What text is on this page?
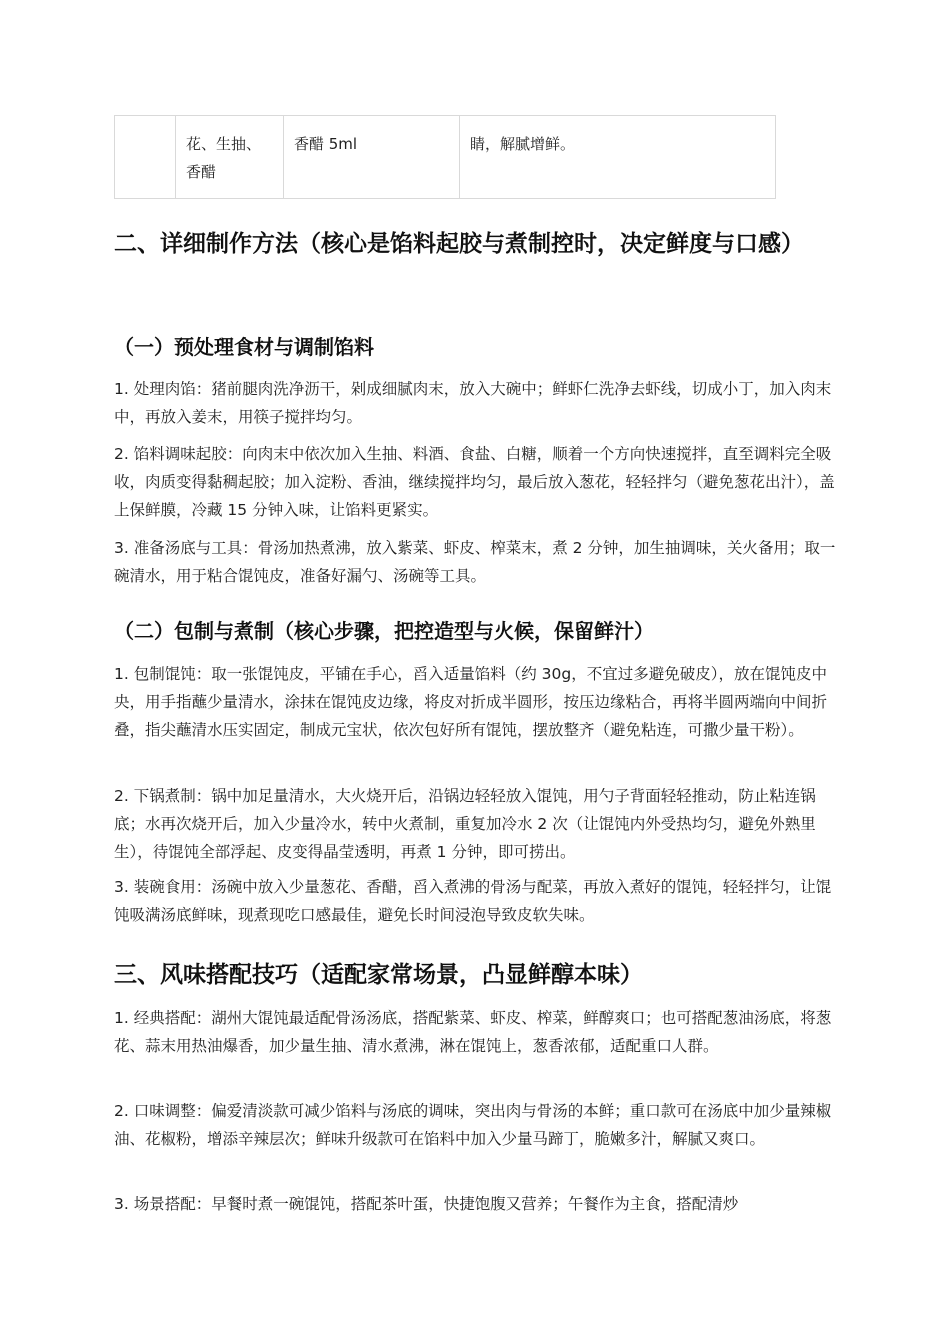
	花、生抽、香醋	香醋 5ml	睛，解腻增鲜。
二、详细制作方法（核心是馅料起胶与煮制控时，决定鲜度与口感）
（一）预处理食材与调制馅料

1. 处理肉馅：猪前腿肉洗净沥干，剁成细腻肉末，放入大碗中；鲜虾仁洗净去虾线，切成小丁，加入肉末中，再放入姜末，用筷子搅拌均匀。

2. 馅料调味起胶：向肉末中依次加入生抽、料酒、食盐、白糖，顺着一个方向快速搅拌，直至调料完全吸收，肉质变得黏稠起胶；加入淀粉、香油，继续搅拌均匀，最后放入葱花，轻轻拌匀（避免葱花出汁），盖上保鲜膜，冷藏 15 分钟入味，让馅料更紧实。

3. 准备汤底与工具：骨汤加热煮沸，放入紫菜、虾皮、榨菜末，煮 2 分钟，加生抽调味，关火备用；取一碗清水，用于粘合馄饨皮，准备好漏勺、汤碗等工具。

（二）包制与煮制（核心步骤，把控造型与火候，保留鲜汁）

1. 包制馄饨：取一张馄饨皮，平铺在手心，舀入适量馅料（约 30g，不宜过多避免破皮），放在馄饨皮中央，用手指蘸少量清水，涂抹在馄饨皮边缘，将皮对折成半圆形，按压边缘粘合，再将半圆两端向中间折叠，指尖蘸清水压实固定，制成元宝状，依次包好所有馄饨，摆放整齐（避免粘连，可撒少量干粉）。

2. 下锅煮制：锅中加足量清水，大火烧开后，沿锅边轻轻放入馄饨，用勺子背面轻轻推动，防止粘连锅底；水再次烧开后，加入少量冷水，转中火煮制，重复加冷水 2 次（让馄饨内外受热均匀，避免外熟里生），待馄饨全部浮起、皮变得晶莹透明，再煮 1 分钟，即可捞出。

3. 装碗食用：汤碗中放入少量葱花、香醋，舀入煮沸的骨汤与配菜，再放入煮好的馄饨，轻轻拌匀，让馄饨吸满汤底鲜味，现煮现吃口感最佳，避免长时间浸泡导致皮软失味。

三、风味搭配技巧（适配家常场景，凸显鲜醇本味）

1. 经典搭配：湖州大馄饨最适配骨汤汤底，搭配紫菜、虾皮、榨菜，鲜醇爽口；也可搭配葱油汤底，将葱花、蒜末用热油爆香，加少量生抽、清水煮沸，淋在馄饨上，葱香浓郁，适配重口人群。

2. 口味调整：偏爱清淡款可减少馅料与汤底的调味，突出肉与骨汤的本鲜；重口款可在汤底中加少量辣椒油、花椒粉，增添辛辣层次；鲜味升级款可在馅料中加入少量马蹄丁，脆嫩多汁，解腻又爽口。

3. 场景搭配：早餐时煮一碗馄饨，搭配茶叶蛋，快捷饱腹又营养；午餐作为主食，搭配清炒
